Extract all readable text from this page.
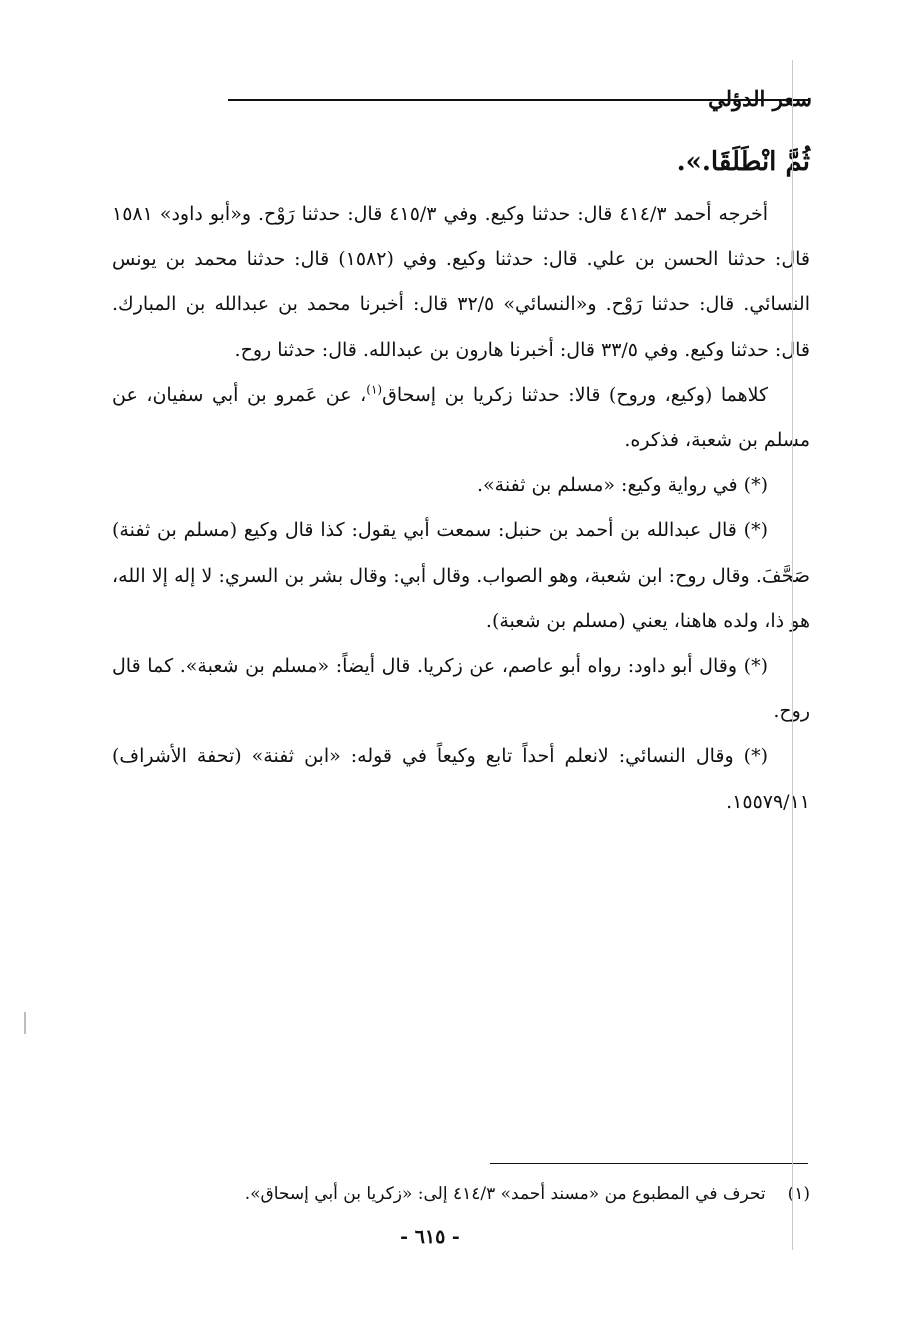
سعر الدؤلي

ثُمَّ انْطَلَقَا.».

أخرجه أحمد ٤١٤/٣ قال: حدثنا وكيع. وفي ٤١٥/٣ قال: حدثنا رَوْح. و«أبو داود» ١٥٨١ قال: حدثنا الحسن بن علي. قال: حدثنا وكيع. وفي (١٥٨٢) قال: حدثنا محمد بن يونس النسائي. قال: حدثنا رَوْح. و«النسائي» ٣٢/٥ قال: أخبرنا محمد بن عبدالله بن المبارك. قال: حدثنا وكيع. وفي ٣٣/٥ قال: أخبرنا هارون بن عبدالله. قال: حدثنا روح.

كلاهما (وكيع، وروح) قالا: حدثنا زكريا بن إسحاق$^{(١)}$، عن عَمرو بن أبي سفيان، عن مسلم بن شعبة، فذكره.

(*) في رواية وكيع: «مسلم بن ثفنة».

(*) قال عبدالله بن أحمد بن حنبل: سمعت أبي يقول: كذا قال وكيع (مسلم بن ثفنة) صَحَّفَ. وقال روح: ابن شعبة، وهو الصواب. وقال أبي: وقال بشر بن السري: لا إله إلا الله، هو ذا، ولده هاهنا، يعني (مسلم بن شعبة).

(*) وقال أبو داود: رواه أبو عاصم، عن زكريا. قال أيضاً: «مسلم بن شعبة». كما قال روح.

(*) وقال النسائي: لانعلم أحداً تابع وكيعاً في قوله: «ابن ثفنة» (تحفة الأشراف) ١٥٥٧٩/١١.

(١)تحرف في المطبوع من «مسند أحمد» ٤١٤/٣ إلى: «زكريا بن أبي إسحاق».
- ٦١٥ -
